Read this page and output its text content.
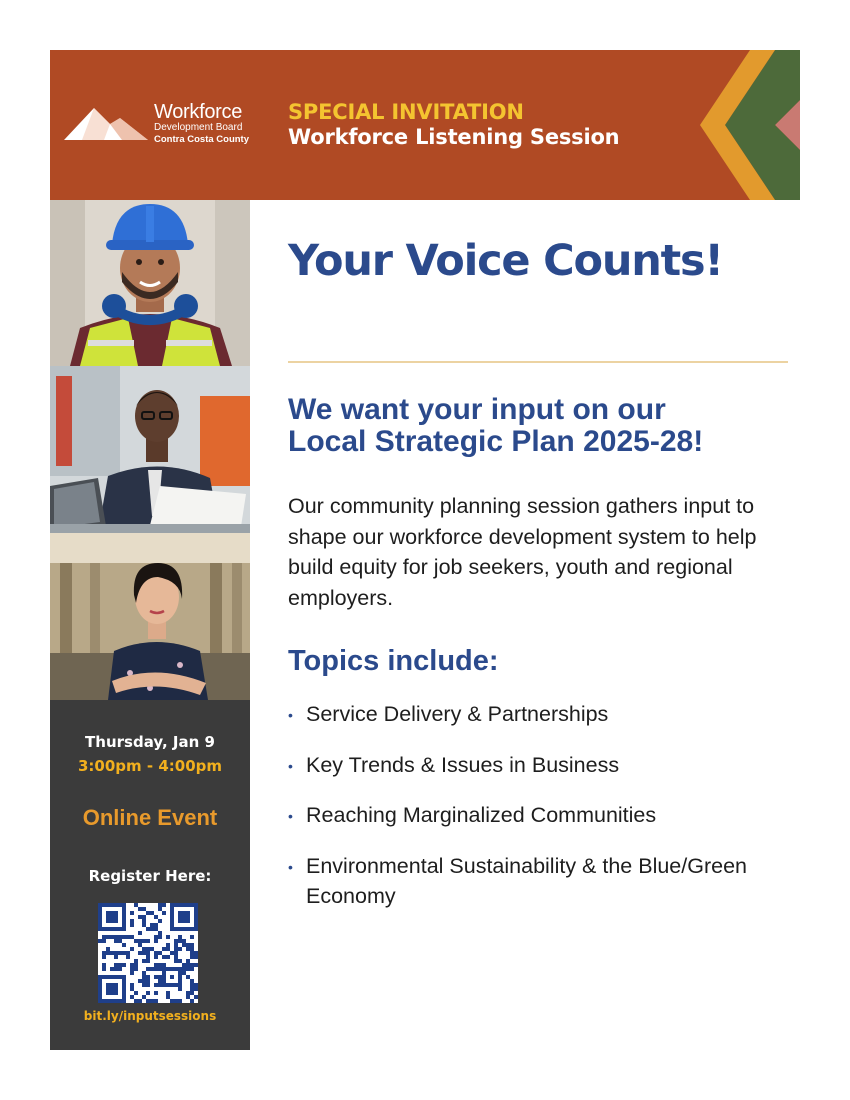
Workforce
Development Board
Contra Costa County
SPECIAL INVITATION
Workforce Listening Session
Thursday, Jan 9
3:00pm - 4:00pm
Online Event
Register Here:
bit.ly/inputsessions
Your Voice Counts!
We want your input on our
Local Strategic Plan 2025-28!

Our community planning session gathers input to shape our workforce development system to help build equity for job seekers, youth and regional employers.

Topics include:
• Service Delivery & Partnerships
• Key Trends & Issues in Business
• Reaching Marginalized Communities
• Environmental Sustainability & the Blue/Green Economy
